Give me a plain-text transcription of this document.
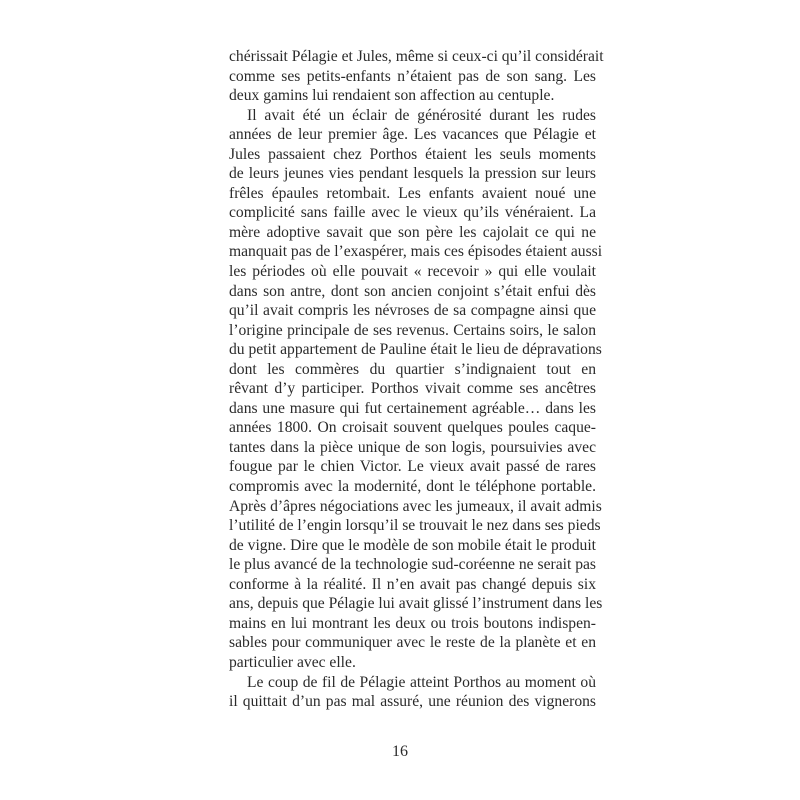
chérissait Pélagie et Jules, même si ceux-ci qu’il considérait
comme ses petits-enfants n’étaient pas de son sang. Les
deux gamins lui rendaient son affection au centuple.
Il avait été un éclair de générosité durant les rudes
années de leur premier âge. Les vacances que Pélagie et
Jules passaient chez Porthos étaient les seuls moments
de leurs jeunes vies pendant lesquels la pression sur leurs
frêles épaules retombait. Les enfants avaient noué une
complicité sans faille avec le vieux qu’ils vénéraient. La
mère adoptive savait que son père les cajolait ce qui ne
manquait pas de l’exaspérer, mais ces épisodes étaient aussi
les périodes où elle pouvait « recevoir » qui elle voulait
dans son antre, dont son ancien conjoint s’était enfui dès
qu’il avait compris les névroses de sa compagne ainsi que
l’origine principale de ses revenus. Certains soirs, le salon
du petit appartement de Pauline était le lieu de dépravations
dont les commères du quartier s’indignaient tout en
rêvant d’y participer. Porthos vivait comme ses ancêtres
dans une masure qui fut certainement agréable… dans les
années 1800. On croisait souvent quelques poules caque-
tantes dans la pièce unique de son logis, poursuivies avec
fougue par le chien Victor. Le vieux avait passé de rares
compromis avec la modernité, dont le téléphone portable.
Après d’âpres négociations avec les jumeaux, il avait admis
l’utilité de l’engin lorsqu’il se trouvait le nez dans ses pieds
de vigne. Dire que le modèle de son mobile était le produit
le plus avancé de la technologie sud-coréenne ne serait pas
conforme à la réalité. Il n’en avait pas changé depuis six
ans, depuis que Pélagie lui avait glissé l’instrument dans les
mains en lui montrant les deux ou trois boutons indispen-
sables pour communiquer avec le reste de la planète et en
particulier avec elle.
Le coup de fil de Pélagie atteint Porthos au moment où
il quittait d’un pas mal assuré, une réunion des vignerons
16
